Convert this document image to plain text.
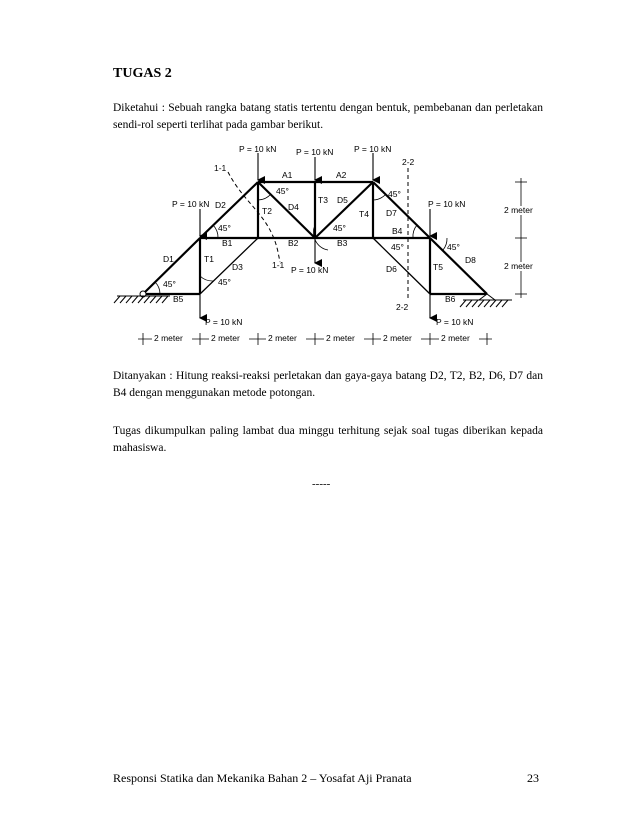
TUGAS 2
Diketahui : Sebuah rangka batang statis tertentu dengan bentuk, pembebanan dan perletakan sendi-rol seperti terlihat pada gambar berikut.
45°
45°
45°
45°
45°
45°
45°
45°
A1	A2
B1	B2	B3
B4
B5	B6
D1
D2
D3
D4
D5
D6
D7
D8
T1
T2
T3
T4
T5
P = 10 kN P = 10 kN P = 10 kN
P = 10 kN	P = 10 kN
P = 10 kN
P = 10 kN	P = 10 kN
1-1
1-1
2-2
2-2
2 meter	2 meter	2 meter	2 meter	2 meter	2 meter
2 meter
2 meter
Ditanyakan : Hitung reaksi-reaksi perletakan dan gaya-gaya batang D2, T2, B2, D6, D7 dan B4 dengan menggunakan metode potongan.
Tugas dikumpulkan paling lambat dua minggu terhitung sejak soal tugas diberikan kepada mahasiswa.
-----
Responsi Statika dan Mekanika Bahan 2 – Yosafat Aji Pranata	23
